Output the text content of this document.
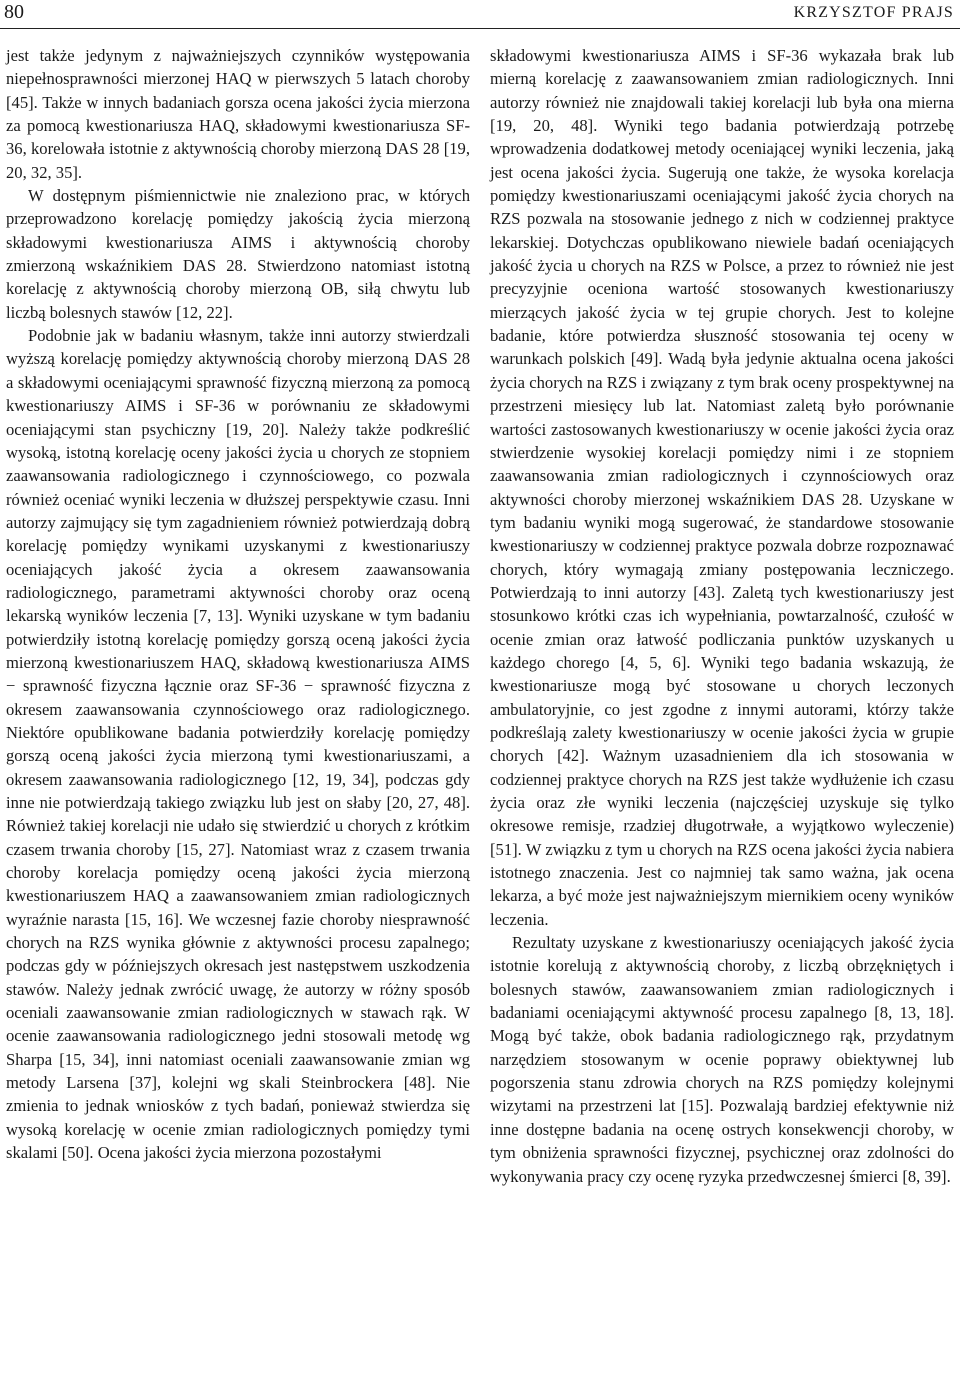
80	KRZYSZTOF PRAJS

jest także jedynym z najważniejszych czynników występowania niepełnosprawności mierzonej HAQ w pierwszych 5 latach choroby [45]. Także w innych badaniach gorsza ocena jakości życia mierzona za pomocą kwestionariusza HAQ, składowymi kwestionariusza SF-36, korelowała istotnie z aktywnością choroby mierzoną DAS 28 [19, 20, 32, 35].

W dostępnym piśmiennictwie nie znaleziono prac, w których przeprowadzono korelację pomiędzy jakością życia mierzoną składowymi kwestionariusza AIMS i aktywnością choroby zmierzoną wskaźnikiem DAS 28. Stwierdzono natomiast istotną korelację z aktywnością choroby mierzoną OB, siłą chwytu lub liczbą bolesnych stawów [12, 22].

Podobnie jak w badaniu własnym, także inni autorzy stwierdzali wyższą korelację pomiędzy aktywnością choroby mierzoną DAS 28 a składowymi oceniającymi sprawność fizyczną mierzoną za pomocą kwestionariuszy AIMS i SF-36 w porównaniu ze składowymi oceniającymi stan psychiczny [19, 20]. Należy także podkreślić wysoką, istotną korelację oceny jakości życia u chorych ze stopniem zaawansowania radiologicznego i czynnościowego, co pozwala również oceniać wyniki leczenia w dłuższej perspektywie czasu. Inni autorzy zajmujący się tym zagadnieniem również potwierdzają dobrą korelację pomiędzy wynikami uzyskanymi z kwestionariuszy oceniających jakość życia a okresem zaawansowania radiologicznego, parametrami aktywności choroby oraz oceną lekarską wyników leczenia [7, 13]. Wyniki uzyskane w tym badaniu potwierdziły istotną korelację pomiędzy gorszą oceną jakości życia mierzoną kwestionariuszem HAQ, składową kwestionariusza AIMS − sprawność fizyczna łącznie oraz SF-36 − sprawność fizyczna z okresem zaawansowania czynnościowego oraz radiologicznego. Niektóre opublikowane badania potwierdziły korelację pomiędzy gorszą oceną jakości życia mierzoną tymi kwestionariuszami, a okresem zaawansowania radiologicznego [12, 19, 34], podczas gdy inne nie potwierdzają takiego związku lub jest on słaby [20, 27, 48]. Również takiej korelacji nie udało się stwierdzić u chorych z krótkim czasem trwania choroby [15, 27]. Natomiast wraz z czasem trwania choroby korelacja pomiędzy oceną jakości życia mierzoną kwestionariuszem HAQ a zaawansowaniem zmian radiologicznych wyraźnie narasta [15, 16]. We wczesnej fazie choroby niesprawność chorych na RZS wynika głównie z aktywności procesu zapalnego; podczas gdy w późniejszych okresach jest następstwem uszkodzenia stawów. Należy jednak zwrócić uwagę, że autorzy w różny sposób oceniali zaawansowanie zmian radiologicznych w stawach rąk. W ocenie zaawansowania radiologicznego jedni stosowali metodę wg Sharpa [15, 34], inni natomiast oceniali zaawansowanie zmian wg metody Larsena [37], kolejni wg skali Steinbrockera [48]. Nie zmienia to jednak wniosków z tych badań, ponieważ stwierdza się wysoką korelację w ocenie zmian radiologicznych pomiędzy tymi skalami [50]. Ocena jakości życia mierzona pozostałymi

składowymi kwestionariusza AIMS i SF-36 wykazała brak lub mierną korelację z zaawansowaniem zmian radiologicznych. Inni autorzy również nie znajdowali takiej korelacji lub była ona mierna [19, 20, 48]. Wyniki tego badania potwierdzają potrzebę wprowadzenia dodatkowej metody oceniającej wyniki leczenia, jaką jest ocena jakości życia. Sugerują one także, że wysoka korelacja pomiędzy kwestionariuszami oceniającymi jakość życia chorych na RZS pozwala na stosowanie jednego z nich w codziennej praktyce lekarskiej. Dotychczas opublikowano niewiele badań oceniających jakość życia u chorych na RZS w Polsce, a przez to również nie jest precyzyjnie oceniona wartość stosowanych kwestionariuszy mierzących jakość życia w tej grupie chorych. Jest to kolejne badanie, które potwierdza słuszność stosowania tej oceny w warunkach polskich [49]. Wadą była jedynie aktualna ocena jakości życia chorych na RZS i związany z tym brak oceny prospektywnej na przestrzeni miesięcy lub lat. Natomiast zaletą było porównanie wartości zastosowanych kwestionariuszy w ocenie jakości życia oraz stwierdzenie wysokiej korelacji pomiędzy nimi i ze stopniem zaawansowania zmian radiologicznych i czynnościowych oraz aktywności choroby mierzonej wskaźnikiem DAS 28. Uzyskane w tym badaniu wyniki mogą sugerować, że standardowe stosowanie kwestionariuszy w codziennej praktyce pozwala dobrze rozpoznawać chorych, który wymagają zmiany postępowania leczniczego. Potwierdzają to inni autorzy [43]. Zaletą tych kwestionariuszy jest stosunkowo krótki czas ich wypełniania, powtarzalność, czułość w ocenie zmian oraz łatwość podliczania punktów uzyskanych u każdego chorego [4, 5, 6]. Wyniki tego badania wskazują, że kwestionariusze mogą być stosowane u chorych leczonych ambulatoryjnie, co jest zgodne z innymi autorami, którzy także podkreślają zalety kwestionariuszy w ocenie jakości życia w grupie chorych [42]. Ważnym uzasadnieniem dla ich stosowania w codziennej praktyce chorych na RZS jest także wydłużenie ich czasu życia oraz złe wyniki leczenia (najczęściej uzyskuje się tylko okresowe remisje, rzadziej długotrwałe, a wyjątkowo wyleczenie) [51]. W związku z tym u chorych na RZS ocena jakości życia nabiera istotnego znaczenia. Jest co najmniej tak samo ważna, jak ocena lekarza, a być może jest najważniejszym miernikiem oceny wyników leczenia.

Rezultaty uzyskane z kwestionariuszy oceniających jakość życia istotnie korelują z aktywnością choroby, z liczbą obrzękniętych i bolesnych stawów, zaawansowaniem zmian radiologicznych i badaniami oceniającymi aktywność procesu zapalnego [8, 13, 18]. Mogą być także, obok badania radiologicznego rąk, przydatnym narzędziem stosowanym w ocenie poprawy obiektywnej lub pogorszenia stanu zdrowia chorych na RZS pomiędzy kolejnymi wizytami na przestrzeni lat [15]. Pozwalają bardziej efektywnie niż inne dostępne badania na ocenę ostrych konsekwencji choroby, w tym obniżenia sprawności fizycznej, psychicznej oraz zdolności do wykonywania pracy czy ocenę ryzyka przedwczesnej śmierci [8, 39].
